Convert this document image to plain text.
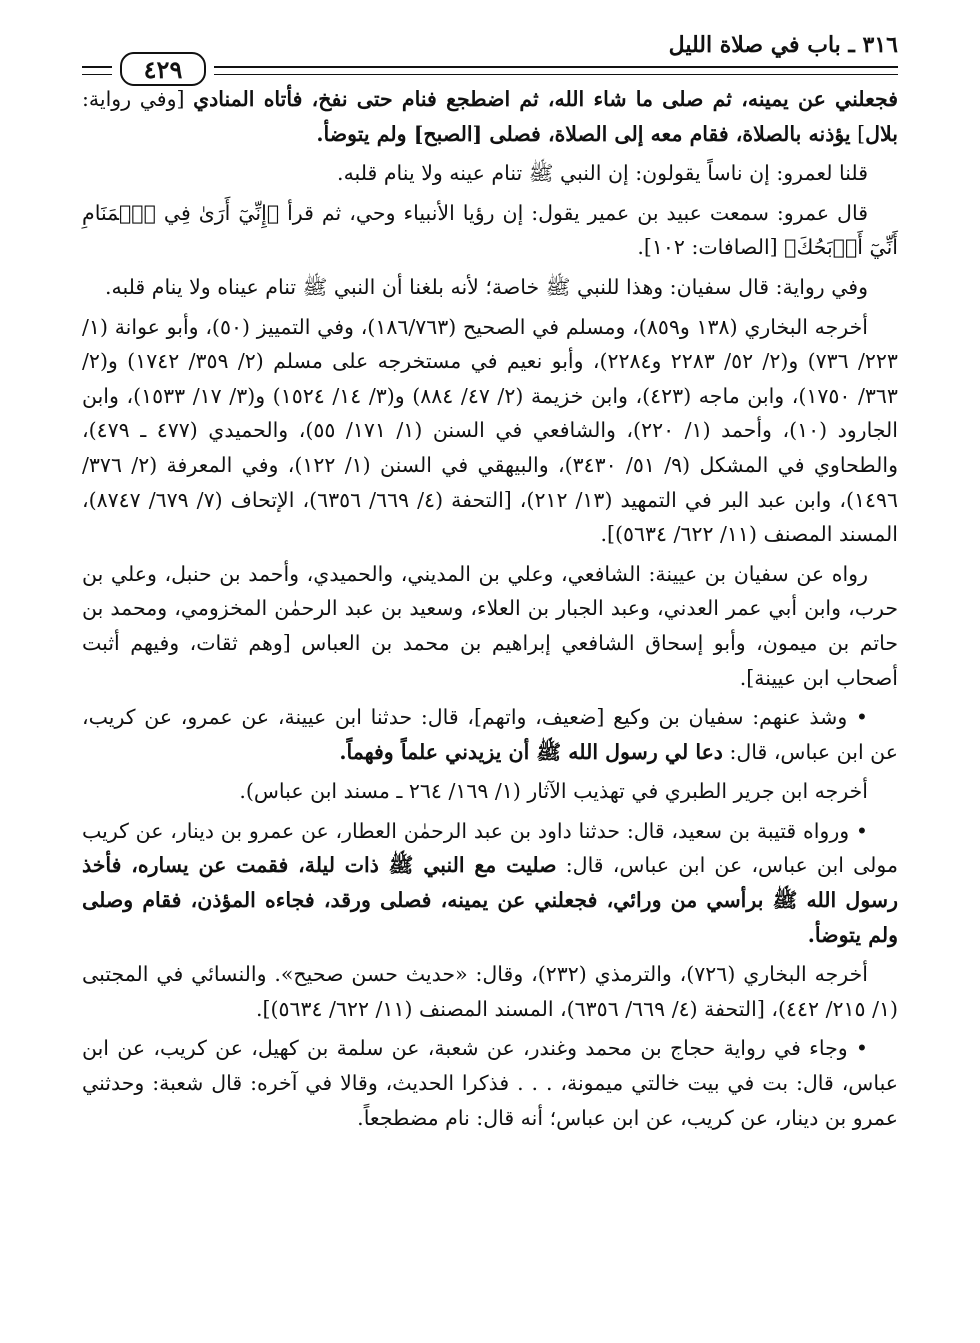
٣١٦ ـ باب في صلاة الليل
٤٢٩

فجعلني عن يمينه، ثم صلى ما شاء الله، ثم اضطجع فنام حتى نفخ، فأتاه المنادي [وفي رواية: بلال] يؤذنه بالصلاة، فقام معه إلى الصلاة، فصلى [الصبح] ولم يتوضأ.

قلنا لعمرو: إن ناساً يقولون: إن النبي ﷺ تنام عينه ولا ينام قلبه.

قال عمرو: سمعت عبيد بن عمير يقول: إن رؤيا الأنبياء وحي، ثم قرأ ﴿إِنِّيٓ أَرَىٰ فِي ٱلۡمَنَامِ أَنِّيٓ أَذۡبَحُكَ﴾ [الصافات: ١٠٢].

وفي رواية: قال سفيان: وهذا للنبي ﷺ خاصة؛ لأنه بلغنا أن النبي ﷺ تنام عيناه ولا ينام قلبه.

أخرجه البخاري (١٣٨ و٨٥٩)، ومسلم في الصحيح (١٨٦/٧٦٣)، وفي التمييز (٥٠)، وأبو عوانة (١/ ٢٢٣/ ٧٣٦) و(٢/ ٥٢/ ٢٢٨٣ و٢٢٨٤)، وأبو نعيم في مستخرجه على مسلم (٢/ ٣٥٩/ ١٧٤٢) و(٢/ ٣٦٣/ ١٧٥٠)، وابن ماجه (٤٢٣)، وابن خزيمة (٢/ ٤٧/ ٨٨٤) و(٣/ ١٤/ ١٥٢٤) و(٣/ ١٧/ ١٥٣٣)، وابن الجارود (١٠)، وأحمد (١/ ٢٢٠)، والشافعي في السنن (١/ ١٧١/ ٥٥)، والحميدي (٤٧٧ ـ ٤٧٩)، والطحاوي في المشكل (٩/ ٥١/ ٣٤٣٠)، والبيهقي في السنن (١/ ١٢٢)، وفي المعرفة (٢/ ٣٧٦/ ١٤٩٦)، وابن عبد البر في التمهيد (١٣/ ٢١٢)، [التحفة (٤/ ٦٦٩/ ٦٣٥٦)، الإتحاف (٧/ ٦٧٩/ ٨٧٤٧)، المسند المصنف (١١/ ٦٢٢/ ٥٦٣٤)].

رواه عن سفيان بن عيينة: الشافعي، وعلي بن المديني، والحميدي، وأحمد بن حنبل، وعلي بن حرب، وابن أبي عمر العدني، وعبد الجبار بن العلاء، وسعيد بن عبد الرحمٰن المخزومي، ومحمد بن حاتم بن ميمون، وأبو إسحاق الشافعي إبراهيم بن محمد بن العباس [وهم ثقات، وفيهم أثبت أصحاب ابن عيينة].

• وشذ عنهم: سفيان بن وكيع [ضعيف، واتهم]، قال: حدثنا ابن عيينة، عن عمرو، عن كريب، عن ابن عباس، قال: دعا لي رسول الله ﷺ أن يزيدني علماً وفهماً.

أخرجه ابن جرير الطبري في تهذيب الآثار (١/ ١٦٩/ ٢٦٤ ـ مسند ابن عباس).

• ورواه قتيبة بن سعيد، قال: حدثنا داود بن عبد الرحمٰن العطار، عن عمرو بن دينار، عن كريب مولى ابن عباس، عن ابن عباس، قال: صليت مع النبي ﷺ ذات ليلة، فقمت عن يساره، فأخذ رسول الله ﷺ برأسي من ورائي، فجعلني عن يمينه، فصلى ورقد، فجاءه المؤذن، فقام وصلى ولم يتوضأ.

أخرجه البخاري (٧٢٦)، والترمذي (٢٣٢)، وقال: «حديث حسن صحيح». والنسائي في المجتبى (١/ ٢١٥/ ٤٤٢)، [التحفة (٤/ ٦٦٩/ ٦٣٥٦)، المسند المصنف (١١/ ٦٢٢/ ٥٦٣٤)].

• وجاء في رواية حجاج بن محمد وغندر، عن شعبة، عن سلمة بن كهيل، عن كريب، عن ابن عباس، قال: بت في بيت خالتي ميمونة، . . . فذكرا الحديث، وقالا في آخره: قال شعبة: وحدثني عمرو بن دينار، عن كريب، عن ابن عباس؛ أنه قال: نام مضطجعاً.
